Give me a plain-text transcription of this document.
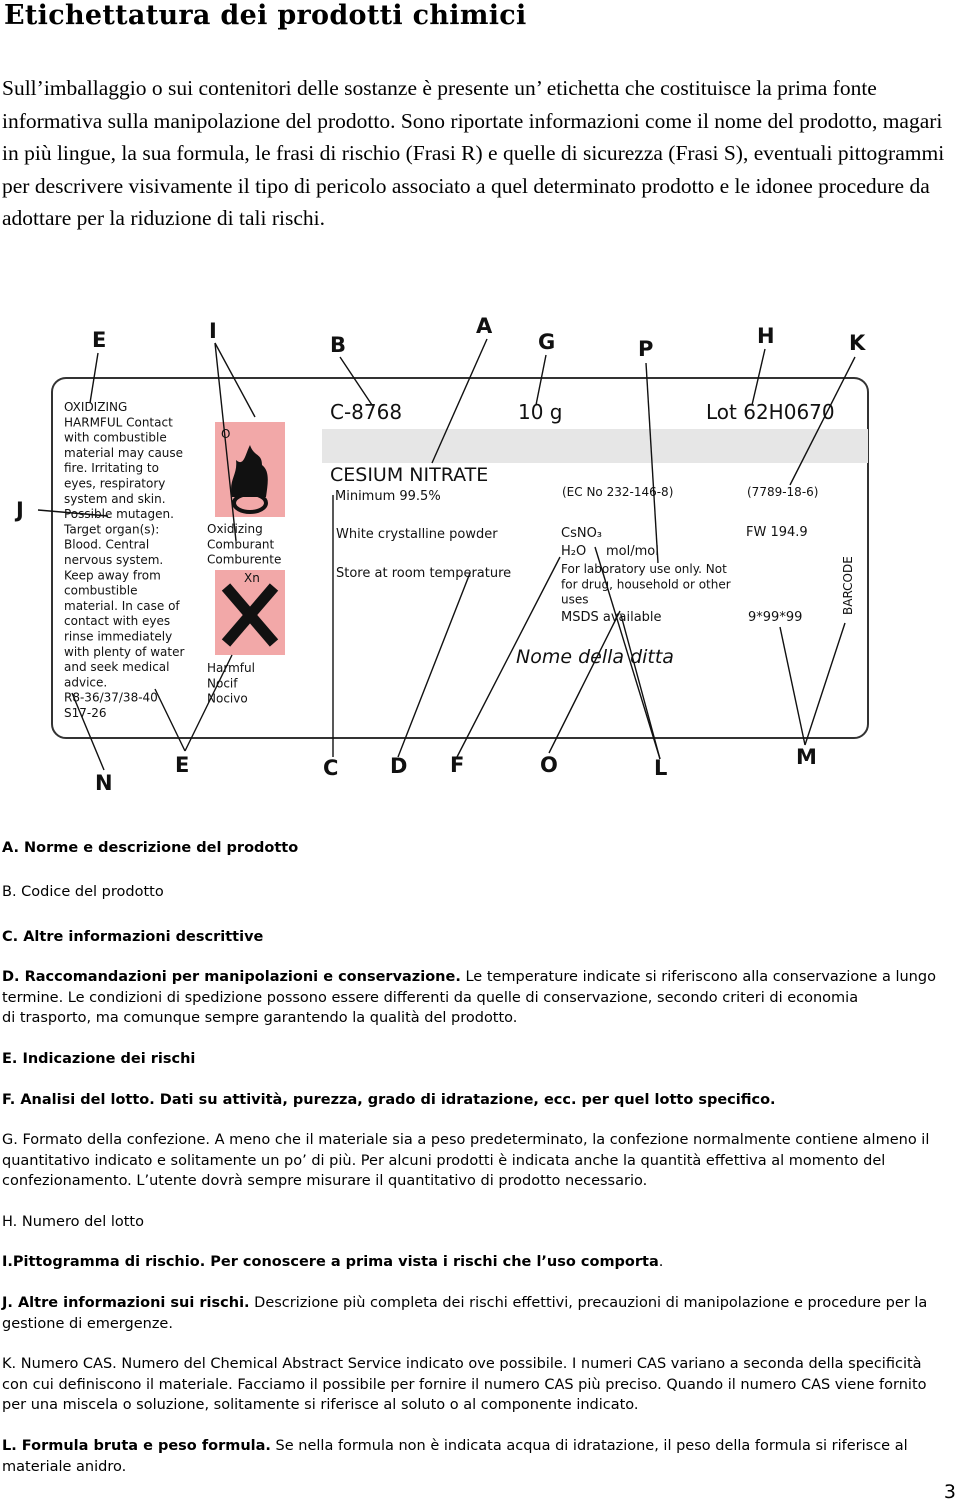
Etichettatura dei prodotti chimici
Sull’imballaggio o sui contenitori delle sostanze è presente un’ etichetta che costituisce la prima fonte informativa sulla manipolazione del prodotto. Sono riportate informazioni come il nome del prodotto, magari in più lingue, la sua formula, le frasi di rischio (Frasi R) e quelle di sicurezza (Frasi S), eventuali pittogrammi per descrivere visivamente il tipo di pericolo associato a quel determinato prodotto e le idonee procedure da adottare per la riduzione di tali rischi.
OXIDIZING HARMFUL Contact with combustible material may cause fire. Irritating to eyes, respiratory system and skin. Possible mutagen. Target organ(s): Blood. Central nervous system. Keep away from combustible material. In case of contact with eyes rinse immediately with plenty of water and seek medical advice. R8-36/37/38-40 S17-26
O
Oxidizing Comburant Comburente
Xn
Harmful Nocif Nocivo
C-8768	10 g	Lot 62H0670
CESIUM NITRATE
Minimum 99.5%	(EC No 232-146-8)	(7789-18-6)
White crystalline powder
Store at room temperature
CsNO₃
H₂O mol/mol
FW 194.9
For laboratory use only. Not for drug, household or other uses
MSDS available	9*99*99
BARCODE
Nome della ditta
E	I
B
A
G	P
H	K
J
N
E	C D F	O	L	M
A. Norme e descrizione del prodotto
B. Codice del prodotto
C. Altre informazioni descrittive
D. Raccomandazioni per manipolazioni e conservazione. Le temperature indicate si riferiscono alla conservazione a lungo
termine. Le condizioni di spedizione possono essere differenti da quelle di conservazione, secondo criteri di economia
di trasporto, ma comunque sempre garantendo la qualità del prodotto.
E. Indicazione dei rischi
F. Analisi del lotto. Dati su attività, purezza, grado di idratazione, ecc. per quel lotto specifico.
G. Formato della confezione. A meno che il materiale sia a peso predeterminato, la confezione normalmente contiene almeno il quantitativo indicato e solitamente un po’ di più. Per alcuni prodotti è indicata anche la quantità effettiva al momento del confezionamento. L’utente dovrà sempre misurare il quantitativo di prodotto necessario.
H. Numero del lotto
I.Pittogramma di rischio. Per conoscere a prima vista i rischi che l’uso comporta.
J. Altre informazioni sui rischi. Descrizione più completa dei rischi effettivi, precauzioni di manipolazione e procedure per la gestione di emergenze.
K. Numero CAS. Numero del Chemical Abstract Service indicato ove possibile. I numeri CAS variano a seconda della specificità con cui definiscono il materiale. Facciamo il possibile per fornire il numero CAS più preciso. Quando il numero CAS viene fornito per una miscela o soluzione, solitamente si riferisce al soluto o al componente indicato.
L. Formula bruta e peso formula. Se nella formula non è indicata acqua di idratazione, il peso della formula si riferisce al materiale anidro.
3
